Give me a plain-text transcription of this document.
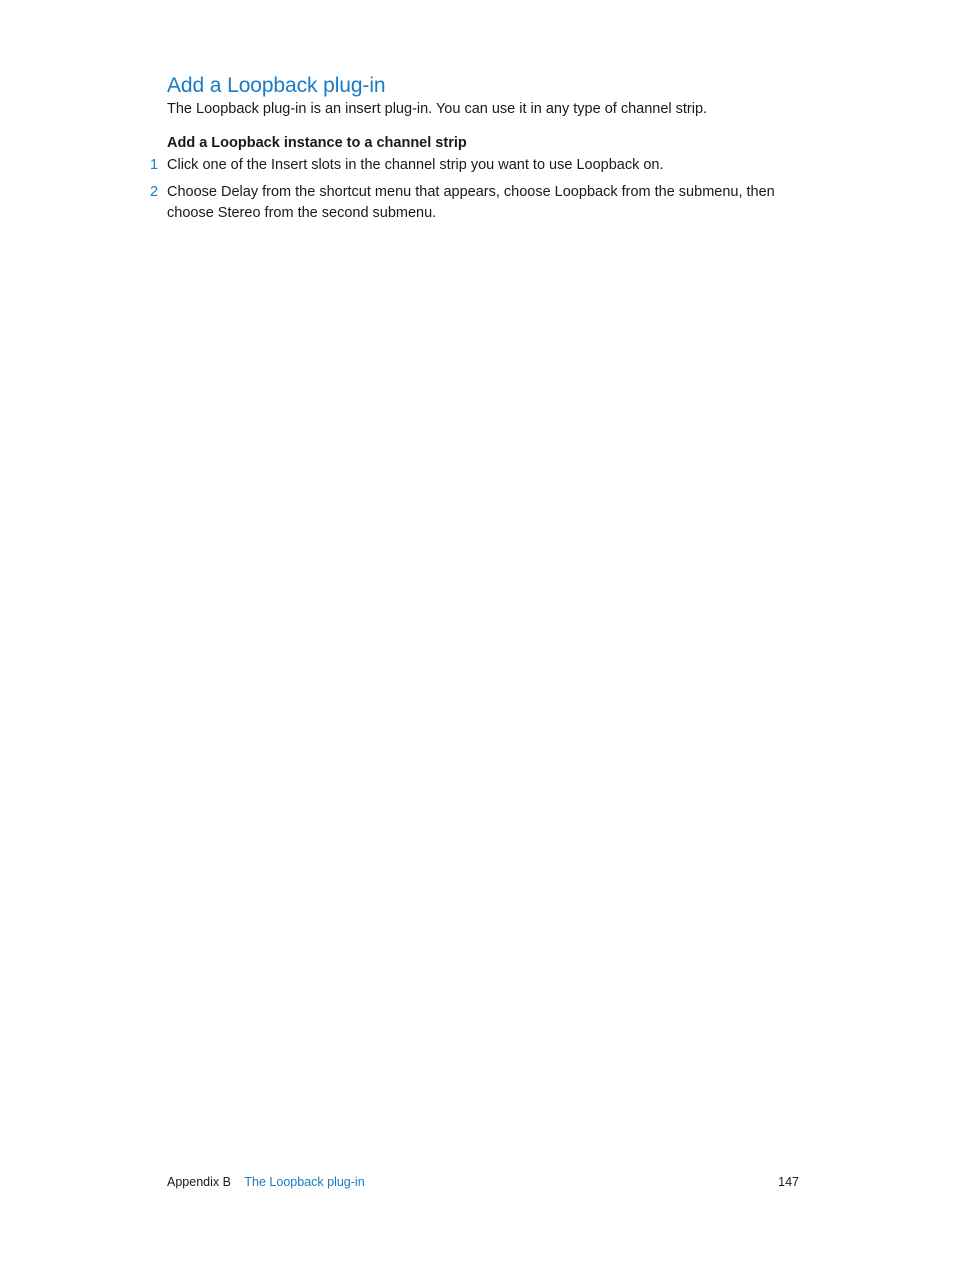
Add a Loopback plug-in

The Loopback plug-in is an insert plug-in. You can use it in any type of channel strip.

Add a Loopback instance to a channel strip
1 Click one of the Insert slots in the channel strip you want to use Loopback on.
2 Choose Delay from the shortcut menu that appears, choose Loopback from the submenu, then choose Stereo from the second submenu.
Appendix B The Loopback plug-in	147
